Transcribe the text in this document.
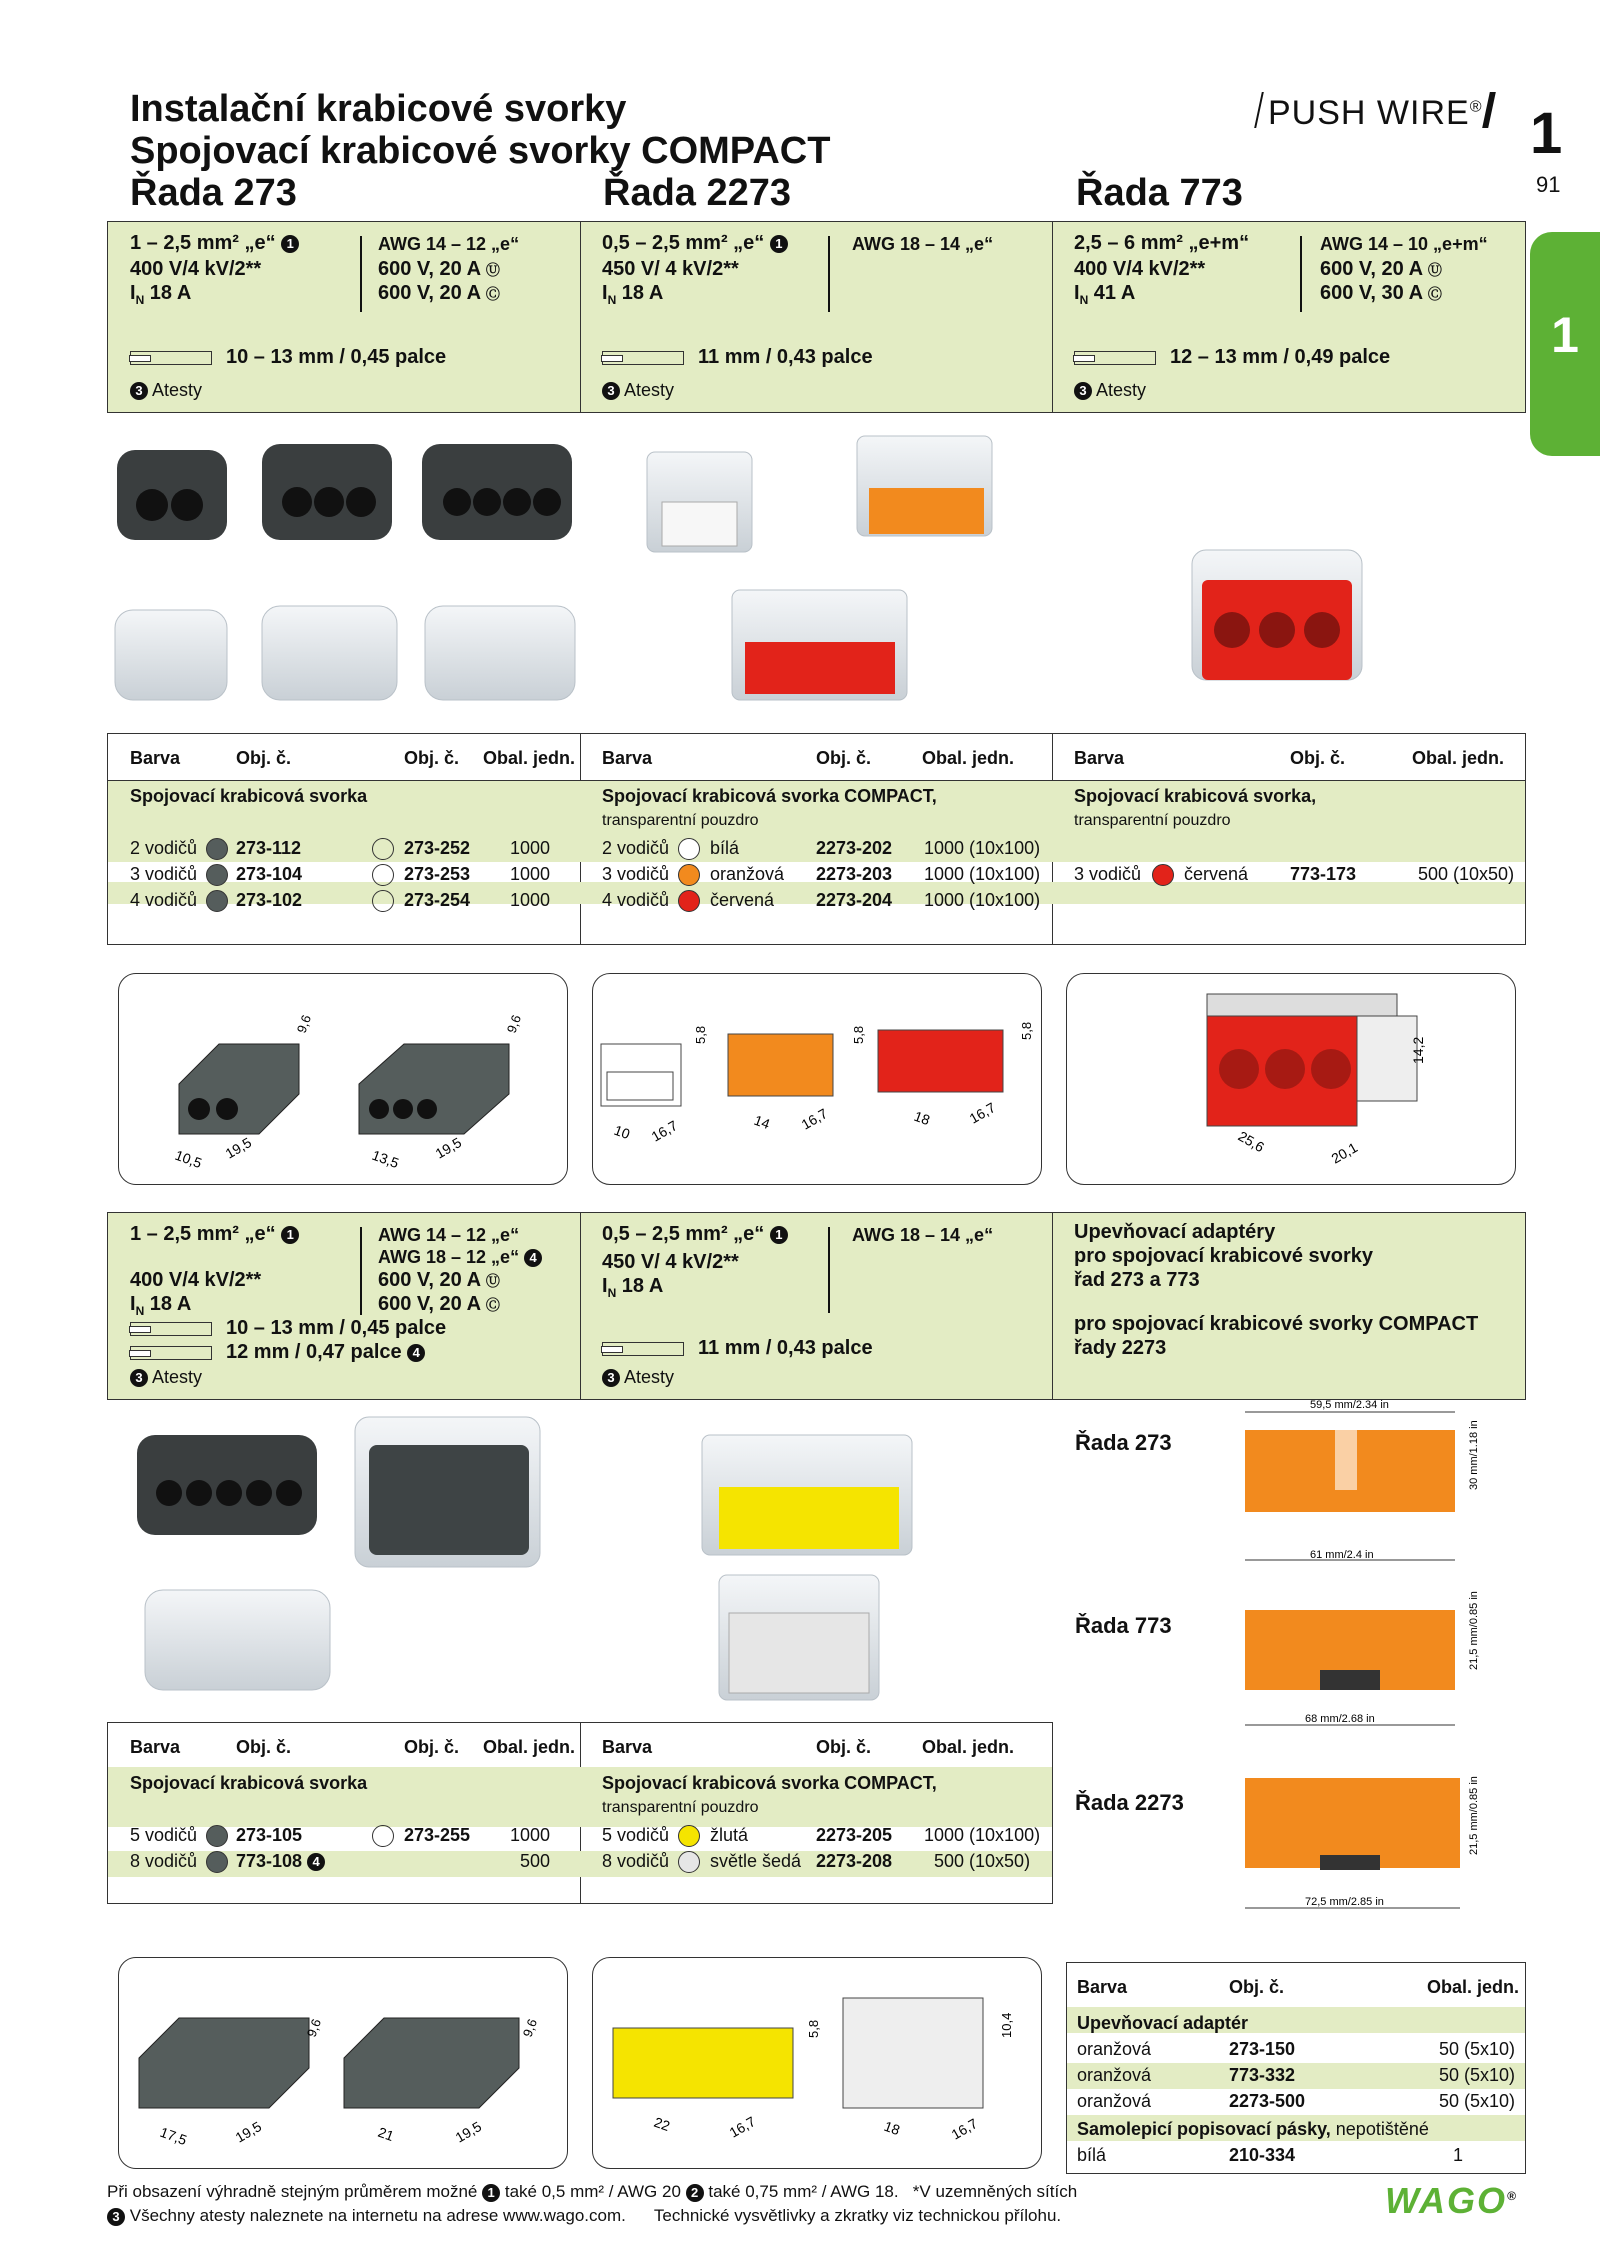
Instalační krabicové svorky
Spojovací krabicové svorky COMPACT
Řada 273	Řada 2273	Řada 773
PUSH WIRE® 1
91
1
1 – 2,5 mm² „e“ 1
400 V/4 kV/2**
$I_N$ 18 A
AWG 14 – 12 „e“
600 V, 20 A Ⓤ
600 V, 20 A Ⓒ
10 – 13 mm / 0,45 palce
3 Atesty
0,5 – 2,5 mm² „e“ 1
450 V/ 4 kV/2**
$I_N$ 18 A
AWG 18 – 14 „e“
11 mm / 0,43 palce
3 Atesty
2,5 – 6 mm² „e+m“
400 V/4 kV/2**
$I_N$ 41 A
AWG 14 – 10 „e+m“
600 V, 20 A Ⓤ
600 V, 30 A Ⓒ
12 – 13 mm / 0,49 palce
3 Atesty
Barva	Obj. č.	Obj. č. Obal. jedn. Barva	Obj. č.	Obal. jedn.	Barva	Obj. č.	Obal. jedn.
Spojovací krabicová svorka	Spojovací krabicová svorka COMPACT,	Spojovací krabicová svorka,
transparentní pouzdro	transparentní pouzdro
2 vodičů 273-112	273-252 1000
3 vodičů 273-104	273-253 1000
4 vodičů 273-102	273-254 1000
2 vodičů bílá	2273-202 1000 (10x100)
3 vodičů oranžová 2273-203 1000 (10x100)
4 vodičů červená 2273-204 1000 (10x100)
3 vodičů červená 773-173	500 (10x50)
9,6
10,5 19,5
9,6
13,5 19,5
5,8
10 16,7
5,8
14 16,7
5,8
18 16,7
14,2
25,6	20,1
1 – 2,5 mm² „e“ 1	AWG 14 – 12 „e“
AWG 18 – 12 „e“ 4
400 V/4 kV/2**	600 V, 20 A Ⓤ
$I_N$ 18 A	600 V, 20 A Ⓒ
10 – 13 mm / 0,45 palce
12 mm / 0,47 palce 4
3 Atesty
0,5 – 2,5 mm² „e“ 1	AWG 18 – 14 „e“
450 V/ 4 kV/2**
$I_N$ 18 A
11 mm / 0,43 palce
3 Atesty
Upevňovací adaptéry
pro spojovací krabicové svorky
řad 273 a 773
pro spojovací krabicové svorky COMPACT
řady 2273
Řada 273
Řada 773
Řada 2273
59,5 mm/2.34 in
61 mm/2.4 in
30 mm/1.18 in
68 mm/2.68 in
21,5 mm/0.85 in
72,5 mm/2.85 in
21,5 mm/0.85 in
Barva	Obj. č.	Obj. č. Obal. jedn. Barva	Obj. č.	Obal. jedn.
Spojovací krabicová svorka	Spojovací krabicová svorka COMPACT,
transparentní pouzdro
5 vodičů 273-105	273-255 1000
8 vodičů 773-108 4	500
5 vodičů žlutá	2273-205 1000 (10x100)
8 vodičů světle šedá 2273-208 500 (10x50)
9,6
17,5	19,5
9,6
21	19,5
5,8
22	16,7
10,4
18	16,7
Barva	Obj. č.	Obal. jedn.
Upevňovací adaptér
oranžová	273-150	50 (5x10)
oranžová	773-332	50 (5x10)
oranžová	2273-500	50 (5x10)
Samolepicí popisovací pásky, nepotištěné
bílá	210-334	1
Při obsazení výhradně stejným průměrem možné 1 také 0,5 mm² / AWG 20 2 také 0,75 mm² / AWG 18. *V uzemněných sítích
3 Všechny atesty naleznete na internetu na adrese www.wago.com. Technické vysvětlivky a zkratky viz technickou přílohu.	WAGO®
